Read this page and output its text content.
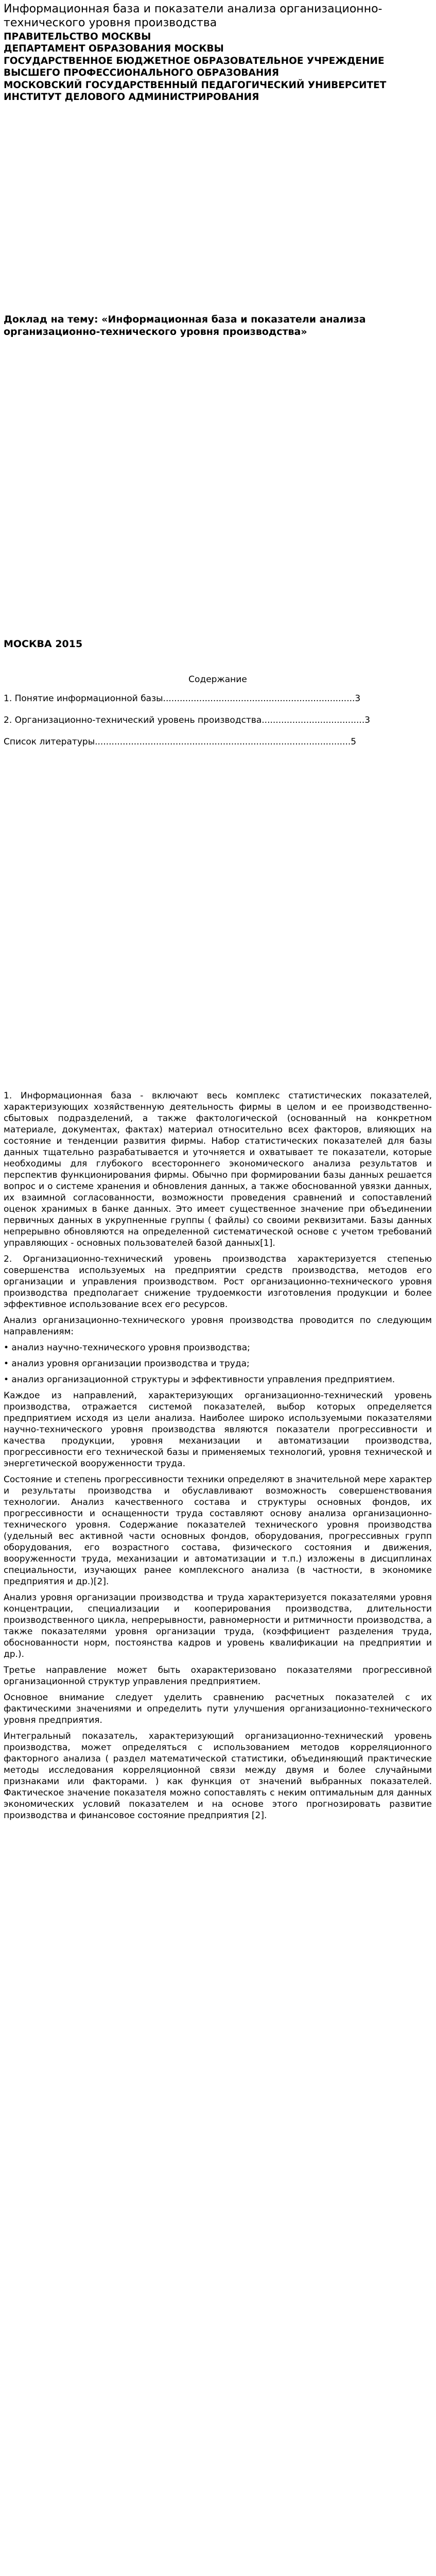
Информационная база и показатели анализа организационно-технического уровня производства

ПРАВИТЕЛЬСТВО МОСКВЫ

ДЕПАРТАМЕНТ ОБРАЗОВАНИЯ МОСКВЫ

ГОСУДАРСТВЕННОЕ БЮДЖЕТНОЕ ОБРАЗОВАТЕЛЬНОЕ УЧРЕЖДЕНИЕ

ВЫСШЕГО ПРОФЕССИОНАЛЬНОГО ОБРАЗОВАНИЯ

МОСКОВСКИЙ ГОСУДАРСТВЕННЫЙ ПЕДАГОГИЧЕСКИЙ УНИВЕРСИТЕТ

ИНСТИТУТ ДЕЛОВОГО АДМИНИСТРИРОВАНИЯ

Доклад на тему: «Информационная база и показатели анализа организационно-технического уровня производства»

МОСКВА 2015

Содержание

1. Понятие информационной базы.....................................................................3

2. Организационно-технический уровень производства.....................................3

Список литературы............................................................................................5

1. Информационная база - включают весь комплекс статистических показателей, характеризующих хозяйственную деятельность фирмы в целом и ее производственно-сбытовых подразделений, а также фактологической (основанный на конкретном материале, документах, фактах) материал относительно всех факторов, влияющих на состояние и тенденции развития фирмы. Набор статистических показателей для базы данных тщательно разрабатывается и уточняется и охватывает те показатели, которые необходимы для глубокого всестороннего экономического анализа результатов и перспектив функционирования фирмы. Обычно при формировании базы данных решается вопрос и о системе хранения и обновления данных, а также обоснованной увязки данных, их взаимной согласованности, возможности проведения сравнений и сопоставлений оценок хранимых в банке данных. Это имеет существенное значение при объединении первичных данных в укрупненные группы ( файлы) со своими реквизитами. Базы данных непрерывно обновляются на определенной систематической основе с учетом требований управляющих - основных пользователей базой данных[1].

2. Организационно-технический уровень производства характеризуется степенью совершенства используемых на предприятии средств производства, методов его организации и управления производством. Рост организационно-технического уровня производства предполагает снижение трудоемкости изготовления продукции и более эффективное использование всех его ресурсов.

Анализ организационно-технического уровня производства проводится по следующим направлениям:

• анализ научно-технического уровня производства;

• анализ уровня организации производства и труда;

• анализ организационной структуры и эффективности управления предприятием.

Каждое из направлений, характеризующих организационно-технический уровень производства, отражается системой показателей, выбор которых определяется предприятием исходя из цели анализа. Наиболее широко используемыми показателями научно-технического уровня производства являются показатели прогрессивности и качества продукции, уровня механизации и автоматизации производства, прогрессивности его технической базы и применяемых технологий, уровня технической и энергетической вооруженности труда.

Состояние и степень прогрессивности техники определяют в значительной мере характер и результаты производства и обуславливают возможность совершенствования технологии. Анализ качественного состава и структуры основных фондов, их прогрессивности и оснащенности труда составляют основу анализа организационно-технического уровня. Содержание показателей технического уровня производства (удельный вес активной части основных фондов, оборудования, прогрессивных групп оборудования, его возрастного состава, физического состояния и движения, вооруженности труда, механизации и автоматизации и т.п.) изложены в дисциплинах специальности, изучающих ранее комплексного анализа (в частности, в экономике предприятия и др.)[2].

Анализ уровня организации производства и труда характеризуется показателями уровня концентрации, специализации и кооперирования производства, длительности производственного цикла, непрерывности, равномерности и ритмичности производства, а также показателями уровня организации труда, (коэффициент разделения труда, обоснованности норм, постоянства кадров и уровень квалификации на предприятии и др.).

Третье направление может быть охарактеризовано показателями прогрессивной организационной структур управления предприятием.

Основное внимание следует уделить сравнению расчетных показателей с их фактическими значениями и определить пути улучшения организационно-технического уровня предприятия.

Интегральный показатель, характеризующий организационно-технический уровень производства, может определяться с использованием методов корреляционного факторного анализа ( раздел математической статистики, объединяющий практические методы исследования корреляционной связи между двумя и более случайными признаками или факторами. ) как функция от значений выбранных показателей. Фактическое значение показателя можно сопоставлять с неким оптимальным для данных экономических условий показателем и на основе этого прогнозировать развитие производства и финансовое состояние предприятия [2].
